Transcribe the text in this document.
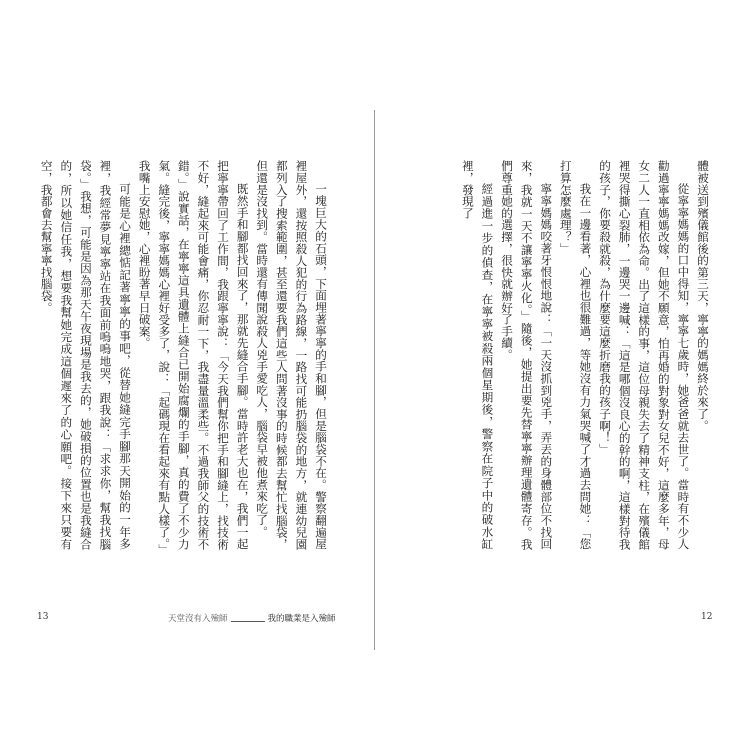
一塊巨大的石頭，下面埋著寧寧的手和腳，但是腦袋不在。警察翻遍屋裡屋外，還按照殺人犯的行為路線，一路找可能扔腦袋的地方，就連幼兒園都列入了搜索範圍，甚至還要我們這些人問著沒事的時候都去幫忙找腦袋，但還是沒找到。當時還有傳聞說殺人兇手愛吃人，腦袋早被他煮來吃了。

既然手和腳都找回來了，那就先縫合手腳。當時許老大也在，我們一起把寧寧帶回了工作間，我跟寧寧說：「今天我們幫你把手和腳縫上，找技術不好，縫起來可能會痛，你忍耐一下，我盡量溫柔些。不過我師父的技術不錯。」說實話，在寧寧這具遺體上縫合已開始腐爛的手腳，真的費了不少力氣。縫完後，寧寧媽媽心裡好受多了，說：「起碼現在看起來有點人樣了。」我嘴上安慰她，心裡盼著早日破案。

可能是心裡總惦記著寧寧的事吧，從替她縫完手腳那天開始的一年多裡，我經常夢見寧寧站在我面前嗚嗚地哭，跟我說：「求求你，幫我找腦袋。」我想，可能是因為那天午夜現場是我去的，她破損的位置也是我縫合的，所以她信任我，想要我幫她完成這個遲來了的心願吧。接下來只要有空，我都會去幫寧寧找腦袋。

13	天堂沒有入殮師	我的職業是入殮師

體被送到殯儀館後的第三天，寧寧的媽媽終於來了。

從寧寧媽媽的口中得知，寧寧七歲時，她爸爸就去世了。當時有不少人勸過寧寧媽媽改嫁，但她不願意，怕再婚的對象對女兒不好，這麼多年，母女二人一直相依為命。出了這樣的事，這位母親失去了精神支柱，在殯儀館裡哭得撕心裂肺，一邊哭一邊喊：「這是哪個沒良心的幹的啊，這樣對待我的孩子，你要殺就殺，為什麼要這麼折磨我的孩子啊！」

我在一邊看著，心裡也很難過，等她沒有力氣哭喊了才過去問她：「您打算怎麼處理？」

寧寧媽媽咬著牙恨恨地說：「一天沒抓到兇手，弄丟的身體部位不找回來，我就一天不讓寧寧火化。」隨後，她提出要先替寧寧辦理遺體寄存。我們尊重她的選擇，很快就辦好了手續。

經過進一步的偵查，在寧寧被殺兩個星期後，警察在院子中的破水缸裡，發現了

12
